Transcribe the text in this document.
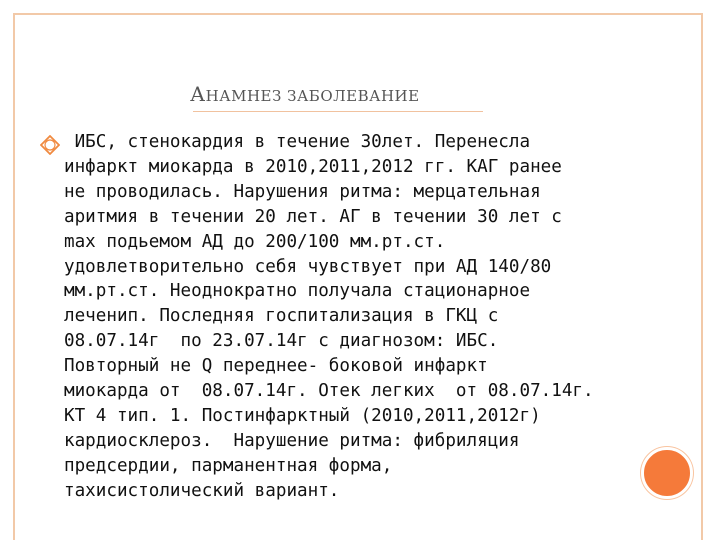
АНАМНЕЗ ЗАБОЛЕВАНИЕ
ИБС, стенокардия в течение 30лет. Перенесла
инфаркт миокарда в 2010,2011,2012 гг. КАГ ранее
не проводилась. Нарушения ритма: мерцательная
аритмия в течении 20 лет. АГ в течении 30 лет с
max подьемом АД до 200/100 мм.рт.ст.
удовлетворительно себя чувствует при АД 140/80
мм.рт.ст. Неоднократно получала стационарное
леченип. Последняя госпитализация в ГКЦ с
08.07.14г  по 23.07.14г с диагнозом: ИБС.
Повторный не Q переднее- боковой инфаркт
миокарда от  08.07.14г. Отек легких  от 08.07.14г.
КТ 4 тип. 1. Постинфарктный (2010,2011,2012г)
кардиосклероз.  Нарушение ритма: фибриляция
предсердии, парманентная форма,
тахисистолический вариант.
